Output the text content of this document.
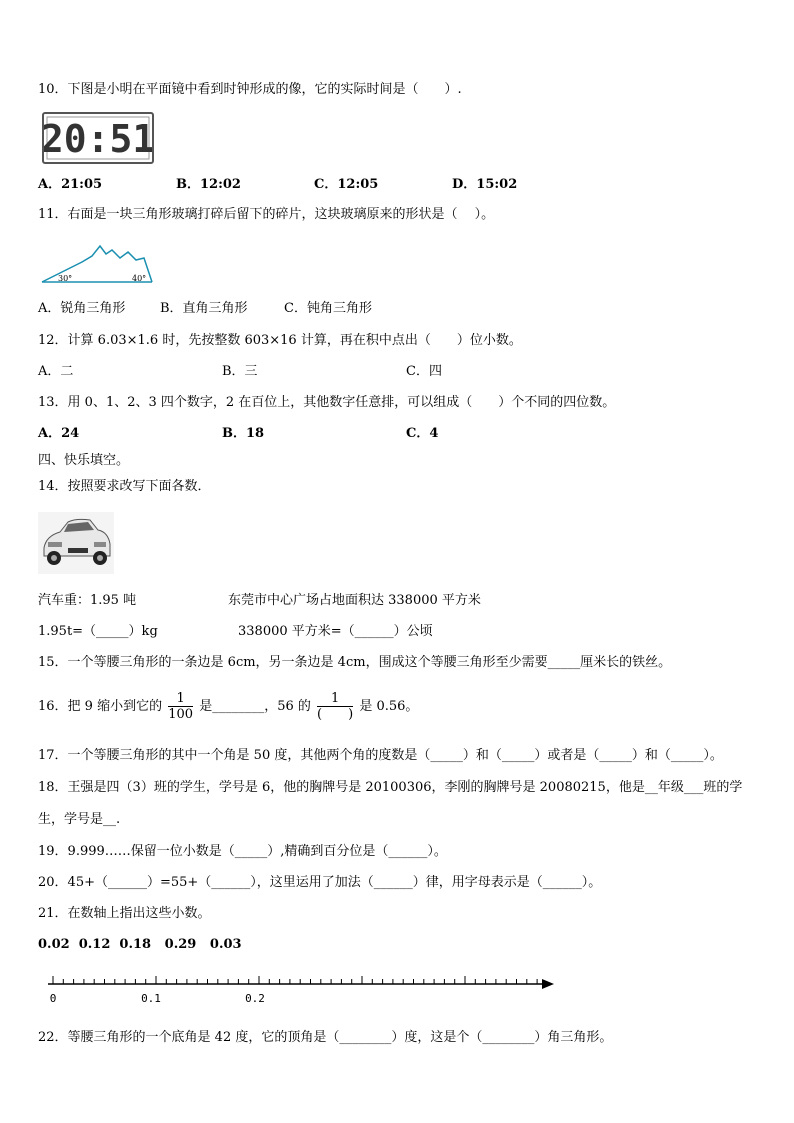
10．下图是小明在平面镜中看到时钟形成的像，它的实际时间是（　　）.
20:51
A．21:05	B．12:02	C．12:05	D．15:02
11．右面是一块三角形玻璃打碎后留下的碎片，这块玻璃原来的形状是（　 ）。
30°	40°
A．锐角三角形	B．直角三角形	C．钝角三角形
12．计算 6.03×1.6 时，先按整数 603×16 计算，再在积中点出（　　）位小数。
A．二	B．三	C．四
13．用 0、1、2、3 四个数字，2 在百位上，其他数字任意排，可以组成（　　）个不同的四位数。
A．24	B．18	C．4
四、快乐填空。
14．按照要求改写下面各数．
汽车重：1.95 吨	东莞市中心广场占地面积达 338000 平方米
1.95t=（_____）kg	338000 平方米=（______）公顷
15．一个等腰三角形的一条边是 6cm，另一条边是 4cm，围成这个等腰三角形至少需要_____厘米长的铁丝。
16．把 9 缩小到它的 $\frac{1}{100}$ 是________，56 的 $\frac{1}{( )}$ 是 0.56。
17．一个等腰三角形的其中一个角是 50 度，其他两个角的度数是（_____）和（_____）或者是（_____）和（_____）。
18．王强是四（3）班的学生，学号是 6，他的胸牌号是 20100306，李刚的胸牌号是 20080215，他是__年级___班的学
生，学号是__.
19．9.999……保留一位小数是（_____）,精确到百分位是（______）。
20．45+（______）=55+（______），这里运用了加法（______）律，用字母表示是（______）。
21．在数轴上指出这些小数。
0.02  0.12  0.18   0.29   0.03
0	0.1	0.2
22．等腰三角形的一个底角是 42 度，它的顶角是（________）度，这是个（________）角三角形。
